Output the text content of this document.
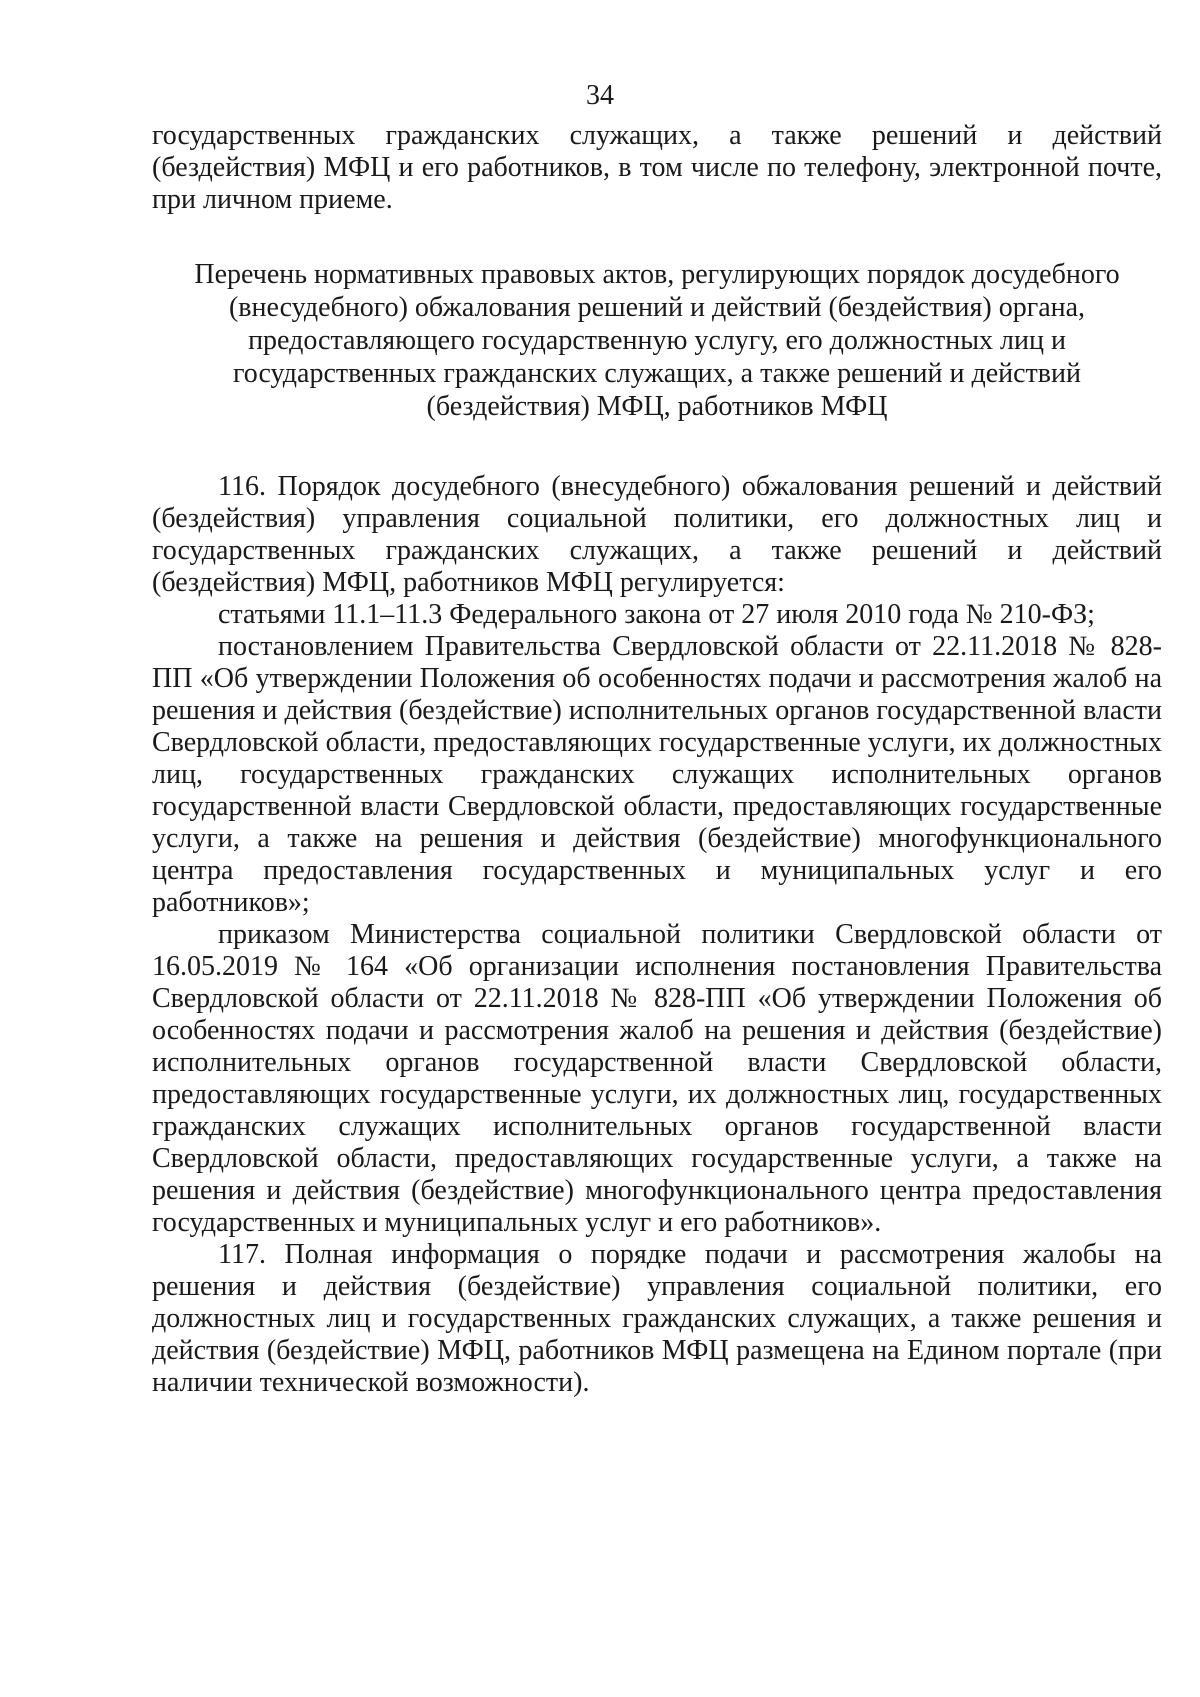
34

государственных гражданских служащих, а также решений и действий (бездействия) МФЦ и его работников, в том числе по телефону, электронной почте, при личном приеме.

Перечень нормативных правовых актов, регулирующих порядок досудебного (внесудебного) обжалования решений и действий (бездействия) органа, предоставляющего государственную услугу, его должностных лиц и государственных гражданских служащих, а также решений и действий (бездействия) МФЦ, работников МФЦ

116. Порядок досудебного (внесудебного) обжалования решений и действий (бездействия) управления социальной политики, его должностных лиц и государственных гражданских служащих, а также решений и действий (бездействия) МФЦ, работников МФЦ регулируется:

статьями 11.1–11.3 Федерального закона от 27 июля 2010 года № 210-ФЗ;

постановлением Правительства Свердловской области от 22.11.2018 № 828-ПП «Об утверждении Положения об особенностях подачи и рассмотрения жалоб на решения и действия (бездействие) исполнительных органов государственной власти Свердловской области, предоставляющих государственные услуги, их должностных лиц, государственных гражданских служащих исполнительных органов государственной власти Свердловской области, предоставляющих государственные услуги, а также на решения и действия (бездействие) многофункционального центра предоставления государственных и муниципальных услуг и его работников»;

приказом Министерства социальной политики Свердловской области от 16.05.2019 № 164 «Об организации исполнения постановления Правительства Свердловской области от 22.11.2018 № 828-ПП «Об утверждении Положения об особенностях подачи и рассмотрения жалоб на решения и действия (бездействие) исполнительных органов государственной власти Свердловской области, предоставляющих государственные услуги, их должностных лиц, государственных гражданских служащих исполнительных органов государственной власти Свердловской области, предоставляющих государственные услуги, а также на решения и действия (бездействие) многофункционального центра предоставления государственных и муниципальных услуг и его работников».

117. Полная информация о порядке подачи и рассмотрения жалобы на решения и действия (бездействие) управления социальной политики, его должностных лиц и государственных гражданских служащих, а также решения и действия (бездействие) МФЦ, работников МФЦ размещена на Едином портале (при наличии технической возможности).
